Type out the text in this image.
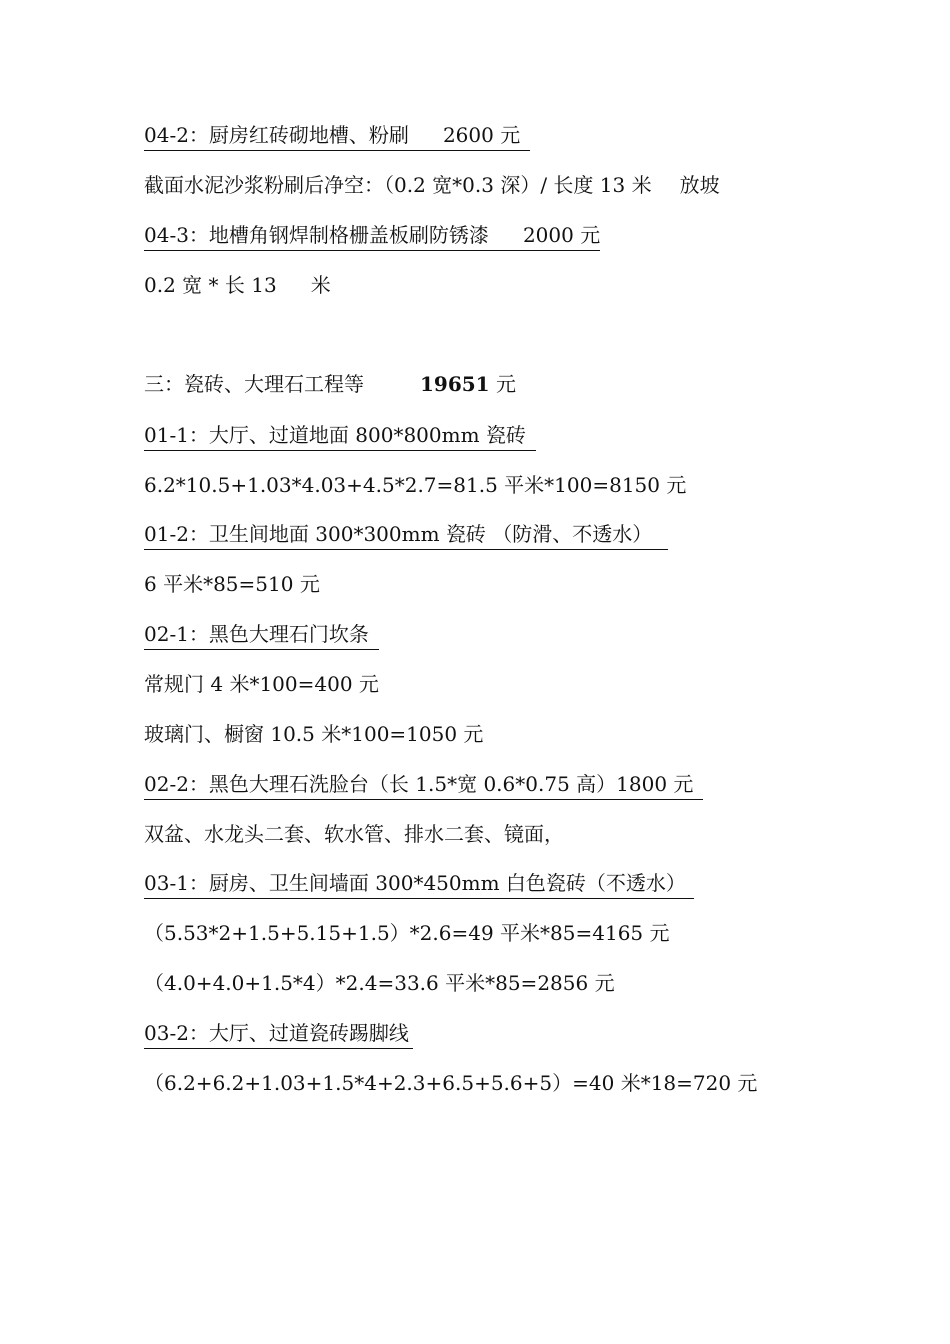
04-2：厨房红砖砌地槽、粉刷 2600 元
截面水泥沙浆粉刷后净空：（0.2 宽*0.3 深）/ 长度 13 米 放坡
04-3：地槽角钢焊制格栅盖板刷防锈漆 2000 元
0.2 宽 * 长 13 米
三：瓷砖、大理石工程等	19651 元
01-1：大厅、过道地面 800*800mm 瓷砖
6.2*10.5+1.03*4.03+4.5*2.7=81.5 平米*100=8150 元
01-2：卫生间地面 300*300mm 瓷砖 （防滑、不透水）
6 平米*85=510 元
02-1：黑色大理石门坎条
常规门 4 米*100=400 元
玻璃门、橱窗 10.5 米*100=1050 元
02-2：黑色大理石洗脸台（长 1.5*宽 0.6*0.75 高）1800 元
双盆、水龙头二套、软水管、排水二套、镜面，
03-1：厨房、卫生间墙面 300*450mm 白色瓷砖（不透水）
（5.53*2+1.5+5.15+1.5）*2.6=49 平米*85=4165 元
（4.0+4.0+1.5*4）*2.4=33.6 平米*85=2856 元
03-2：大厅、过道瓷砖踢脚线
（6.2+6.2+1.03+1.5*4+2.3+6.5+5.6+5）=40 米*18=720 元
